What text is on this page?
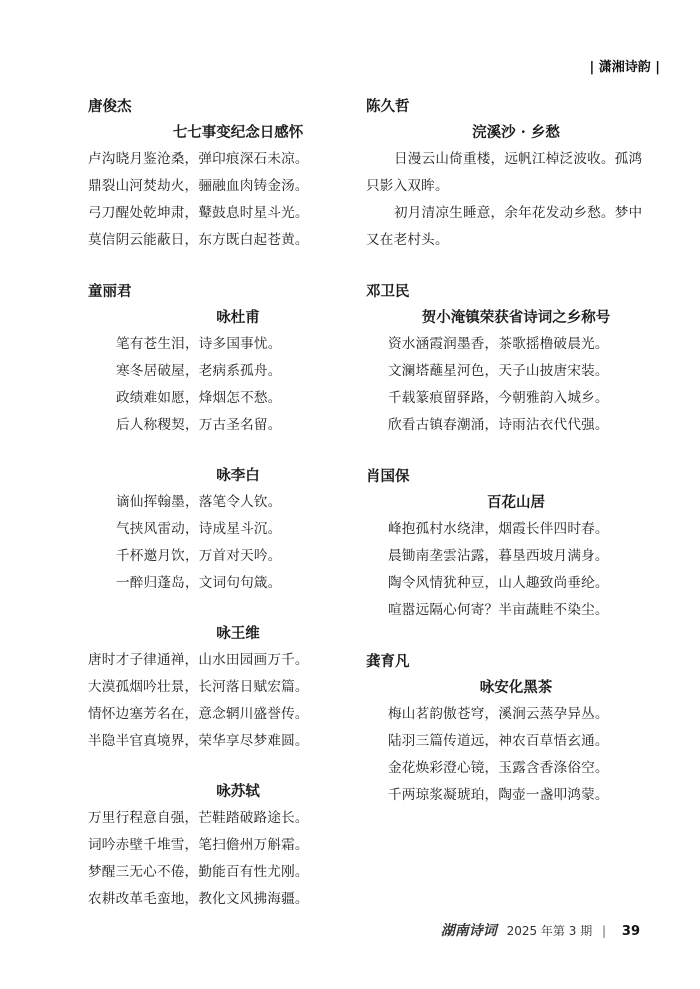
| 潇湘诗韵 |
唐俊杰
七七事变纪念日感怀
卢沟晓月鉴沧桑，弹印痕深石未凉。
鼎裂山河焚劫火，骊融血肉铸金汤。
弓刀醒处乾坤肃，鼙鼓息时星斗光。
莫信阴云能蔽日，东方既白起苍黄。
童丽君
咏杜甫
笔有苍生泪，诗多国事忧。
寒冬居破屋，老病系孤舟。
政绩难如愿，烽烟怎不愁。
后人称稷契，万古圣名留。
咏李白
谪仙挥翰墨，落笔令人钦。
气挟风雷动，诗成星斗沉。
千杯邀月饮，万首对天吟。
一醉归蓬岛，文词句句箴。
咏王维
唐时才子律通禅，山水田园画万千。
大漠孤烟吟壮景，长河落日赋宏篇。
情怀边塞芳名在，意念辋川盛誉传。
半隐半官真境界，荣华享尽梦难圆。
咏苏轼
万里行程意自强，芒鞋踏破路途长。
词吟赤壁千堆雪，笔扫儋州万斛霜。
梦醒三无心不倦，勤能百有性尤刚。
农耕改革毛蛮地，教化文风拂海疆。
陈久哲
浣溪沙 · 乡愁
日漫云山倚重楼，远帆江棹泛波收。孤鸿只影入双眸。
初月清凉生睡意，余年花发动乡愁。梦中又在老村头。
邓卫民
贺小淹镇荣获省诗词之乡称号
资水涵霞润墨香，茶歌摇橹破晨光。
文澜塔蘸星河色，天子山披唐宋装。
千载篆痕留驿路，今朝雅韵入城乡。
欣看古镇春潮涌，诗雨沾衣代代强。
肖国保
百花山居
峰抱孤村水绕津，烟霞长伴四时春。
晨锄南垄雲沾露，暮垦西坡月满身。
陶令风情犹种豆，山人趣致尚垂纶。
喧嚣远隔心何寄？半亩蔬畦不染尘。
龚育凡
咏安化黑茶
梅山茗韵傲苍穹，溪涧云蒸孕异丛。
陆羽三篇传道远，神农百草悟玄通。
金花焕彩澄心镜，玉露含香涤俗空。
千两琼浆凝琥珀，陶壶一盏叩鸿蒙。
湖南诗词 2025 年第 3 期 | 39
